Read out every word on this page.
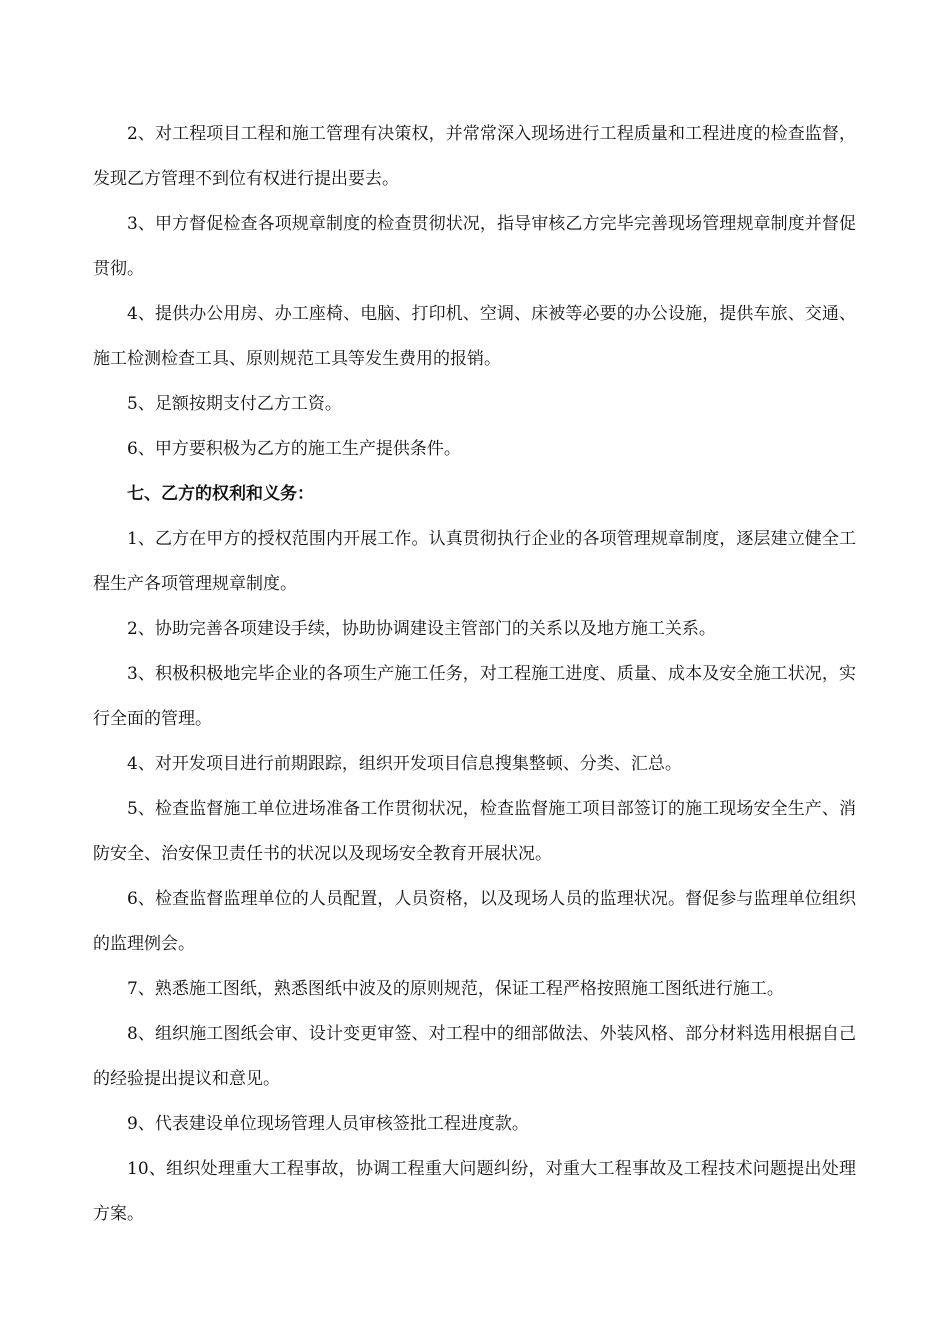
2、对工程项目工程和施工管理有决策权，并常常深入现场进行工程质量和工程进度的检查监督，发现乙方管理不到位有权进行提出要去。

3、甲方督促检查各项规章制度的检查贯彻状况，指导审核乙方完毕完善现场管理规章制度并督促贯彻。

4、提供办公用房、办工座椅、电脑、打印机、空调、床被等必要的办公设施，提供车旅、交通、施工检测检查工具、原则规范工具等发生费用的报销。

5、足额按期支付乙方工资。

6、甲方要积极为乙方的施工生产提供条件。

七、乙方的权利和义务：

1、乙方在甲方的授权范围内开展工作。认真贯彻执行企业的各项管理规章制度，逐层建立健全工程生产各项管理规章制度。

2、协助完善各项建设手续，协助协调建设主管部门的关系以及地方施工关系。

3、积极积极地完毕企业的各项生产施工任务，对工程施工进度、质量、成本及安全施工状况，实行全面的管理。

4、对开发项目进行前期跟踪，组织开发项目信息搜集整顿、分类、汇总。

5、检查监督施工单位进场准备工作贯彻状况，检查监督施工项目部签订的施工现场安全生产、消防安全、治安保卫责任书的状况以及现场安全教育开展状况。

6、检查监督监理单位的人员配置，人员资格，以及现场人员的监理状况。督促参与监理单位组织的监理例会。

7、熟悉施工图纸，熟悉图纸中波及的原则规范，保证工程严格按照施工图纸进行施工。

8、组织施工图纸会审、设计变更审签、对工程中的细部做法、外装风格、部分材料选用根据自己的经验提出提议和意见。

9、代表建设单位现场管理人员审核签批工程进度款。

10、组织处理重大工程事故，协调工程重大问题纠纷，对重大工程事故及工程技术问题提出处理方案。
